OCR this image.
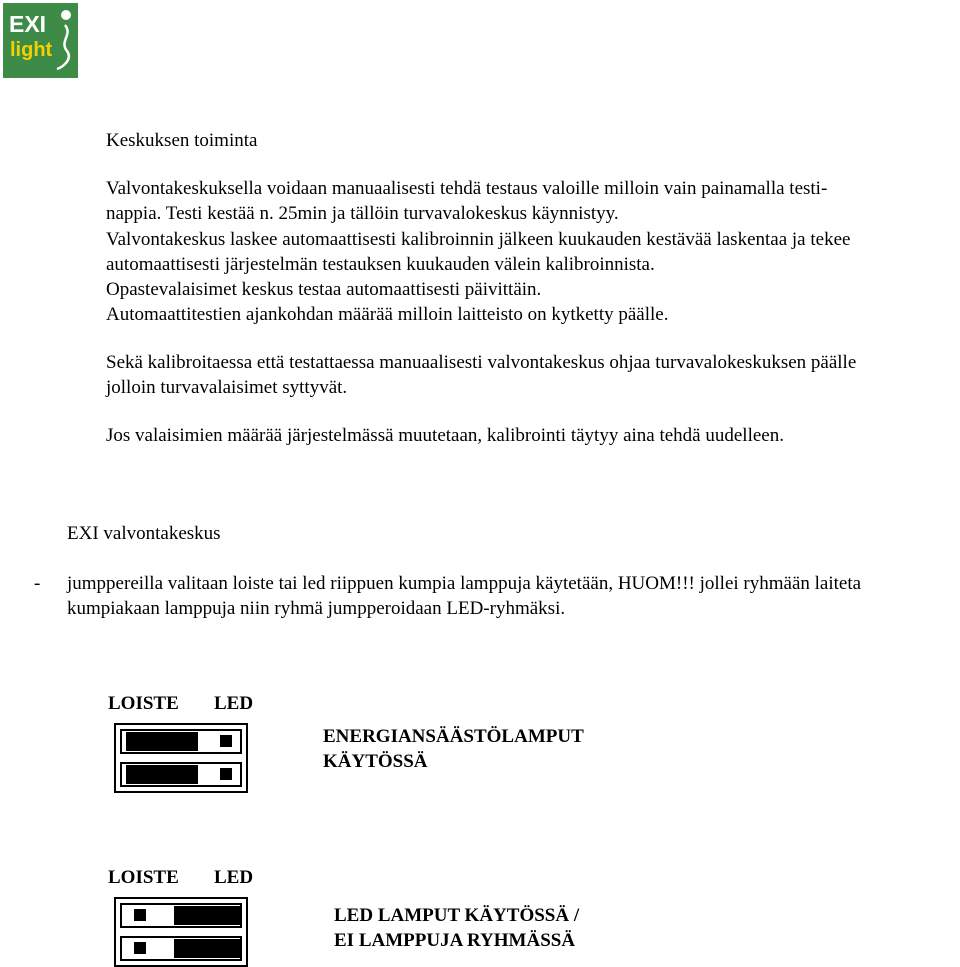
EXI
light
Keskuksen toiminta
Valvontakeskuksella voidaan manuaalisesti tehdä testaus valoille milloin vain painamalla testi-
nappia. Testi kestää n. 25min ja tällöin turvavalokeskus käynnistyy.
Valvontakeskus laskee automaattisesti kalibroinnin jälkeen kuukauden kestävää laskentaa ja tekee
automaattisesti järjestelmän testauksen kuukauden välein kalibroinnista.
Opastevalaisimet keskus testaa automaattisesti päivittäin.
Automaattitestien ajankohdan määrää milloin laitteisto on kytketty päälle.
Sekä kalibroitaessa että testattaessa manuaalisesti valvontakeskus ohjaa turvavalokeskuksen päälle
jolloin turvavalaisimet syttyvät.
Jos valaisimien määrää järjestelmässä muutetaan, kalibrointi täytyy aina tehdä uudelleen.
EXI valvontakeskus
- jumppereilla valitaan loiste tai led riippuen kumpia lamppuja käytetään, HUOM!!! jollei ryhmään laiteta
kumpiakaan lamppuja niin ryhmä jumpperoidaan LED-ryhmäksi.
LOISTE LED
ENERGIANSÄÄSTÖLAMPUT
KÄYTÖSSÄ
LOISTE LED
LED LAMPUT KÄYTÖSSÄ /
EI LAMPPUJA RYHMÄSSÄ
